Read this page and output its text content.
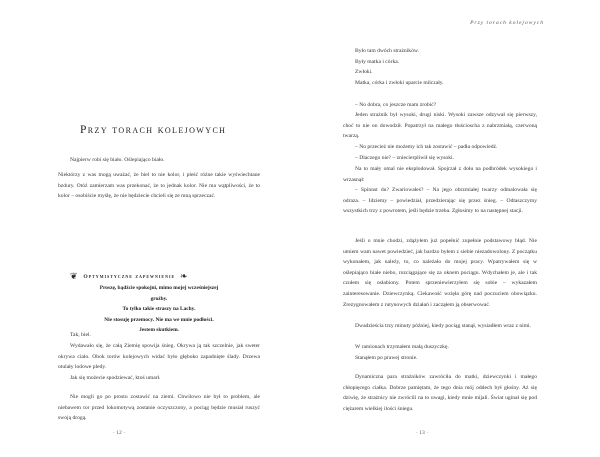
Przy torach kolejowych

Najpierw robi się biało. Oślepiająco biało.

Niektórzy z was mogą uważać, że biel to nie kolor, i pleść różne takie wyświechtane bzdury. Otóż zamierzam was przekonać, że to jednak kolor. Nie ma wątpliwości, że to kolor – osobiście myślę, że nie będziecie chcieli się ze mną sprzeczać.

❦ Optymistyczne zapewnienie ❧
Proszę, bądźcie spokojni, mimo mojej wcześniejszej
groźby.
To tylko takie straszy na Lachy.
Nie stosuję przemocy. Nie ma we mnie podłości.
Jestem skutkiem.

Tak, biel.

Wydawało się, że całą Ziemię spowija śnieg. Okrywa ją tak szczelnie, jak sweter okrywa ciało. Obok torów kolejowych widać było głęboko zapadnięte ślady. Drzewa otulały lodowe pledy.

Jak się możecie spodziewać, ktoś umarł.

Nie mogli go po prostu zostawić na ziemi. Chwilowo nie był to problem, ale niebawem tor przed lokomotywą zostanie oczyszczony, a pociąg będzie musiał ruszyć swoją drogą.

· 12 ·
Przy torach kolejowych
Było tam dwóch strażników.
Były matka i córka.
Zwłoki.
Matka, córka i zwłoki uparcie milczały.

– No dobra, co jeszcze mam zrobić?

Jeden strażnik był wysoki, drugi niski. Wysoki zawsze odzywał się pierwszy, choć to nie on dowodził. Popatrzył na małego tłuścioscha z nabrzmiałą, czerwoną twarzą.

– No przecież nie możemy ich tak zostawić – padła odpowiedź.

– Dlaczego nie? – zniecierpliwił się wysoki.

Na to mały omal nie eksplodował. Spojrzał z dołu na podbródek wysokiego i wrzasnął:

– Spinnst du? Zwariowałeś? – Na jego obrzmiałej twarzy odmalowała się odraza. – Idziemy – powiedział, przedzierając się przez śnieg. – Odtaszczymy wszystkich trzy z powrotem, jeśli będzie trzeba. Zgłosimy to na następnej stacji.

Jeśli o mnie chodzi, zdążyłem już popełnić zupełnie podstawowy błąd. Nie umiem wam nawet powiedzieć, jak bardzo byłem z siebie niezadowolony. Z początku wykonałem, jak należy, to, co należało do mojej pracy. Wpatrywałem się w oślepiająco białe niebo, rozciągające się za oknem pociągu. Wdychałem je, ale i tak czułem się osłabiony. Potem sprzeniewierzyłem się sobie – wykazałem zainteresowanie. Dziewczynką. Ciekawość wzięła górę nad poczuciem obowiązku. Zrezygnowałem z rutynowych działań i zacząłem ją obserwować.

Dwadzieścia trzy minuty później, kiedy pociąg stanął, wysiadłem wraz z nimi.

W ramionach trzymałem małą duszyczkę.

Stanąłem po prawej stronie.

Dynamiczna para strażników zawróciła do matki, dziewczynki i małego chłopięcego ciałka. Dobrze pamiętam, że tego dnia mój oddech był głośny. Aż się dziwię, że strażnicy nie zwrócili na to uwagi, kiedy mnie mijali. Świat uginał się pod ciężarem wielkiej ilości śniegu.

· 13 ·
